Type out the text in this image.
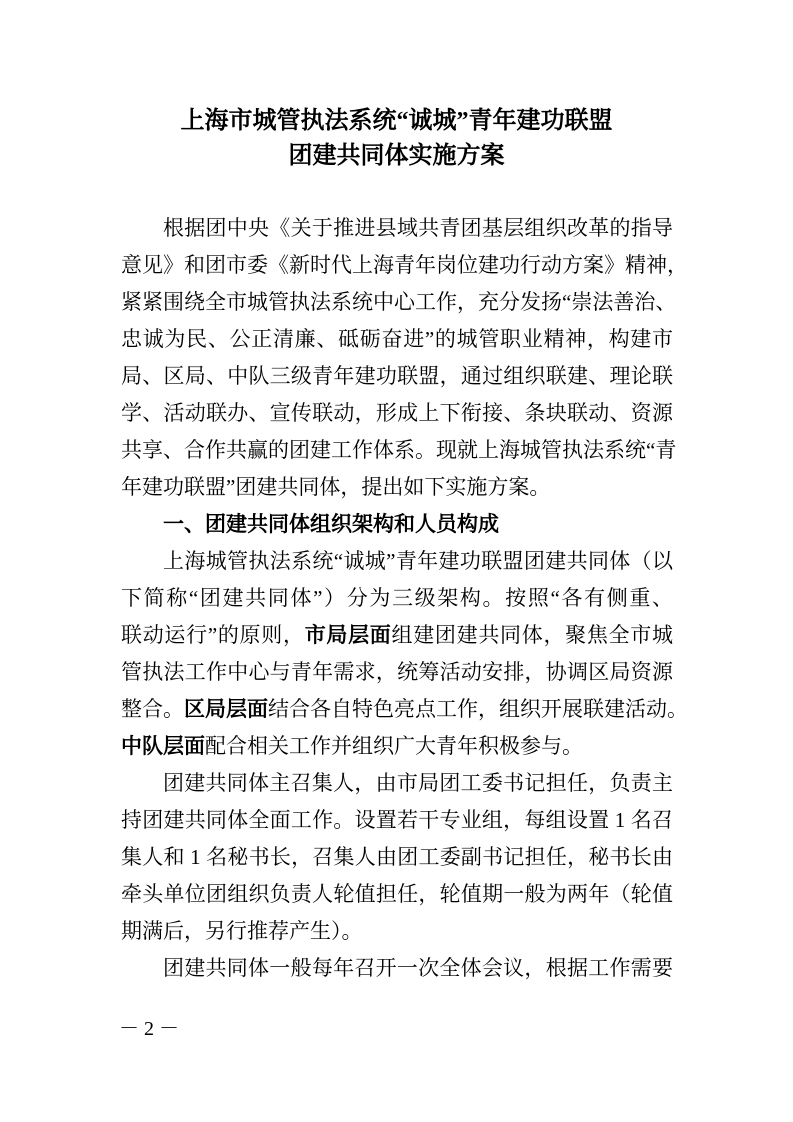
上海市城管执法系统“诚城”青年建功联盟
团建共同体实施方案
根据团中央《关于推进县域共青团基层组织改革的指导
意见》和团市委《新时代上海青年岗位建功行动方案》精神，
紧紧围绕全市城管执法系统中心工作，充分发扬“崇法善治、
忠诚为民、公正清廉、砥砺奋进”的城管职业精神，构建市
局、区局、中队三级青年建功联盟，通过组织联建、理论联
学、活动联办、宣传联动，形成上下衔接、条块联动、资源
共享、合作共赢的团建工作体系。现就上海城管执法系统“青
年建功联盟”团建共同体，提出如下实施方案。
一、团建共同体组织架构和人员构成
上海城管执法系统“诚城”青年建功联盟团建共同体（以
下简称“团建共同体”）分为三级架构。按照“各有侧重、
联动运行”的原则，市局层面组建团建共同体，聚焦全市城
管执法工作中心与青年需求，统筹活动安排，协调区局资源
整合。区局层面结合各自特色亮点工作，组织开展联建活动。
中队层面配合相关工作并组织广大青年积极参与。
团建共同体主召集人，由市局团工委书记担任，负责主
持团建共同体全面工作。设置若干专业组，每组设置 1 名召
集人和 1 名秘书长，召集人由团工委副书记担任，秘书长由
牵头单位团组织负责人轮值担任，轮值期一般为两年（轮值
期满后，另行推荐产生）。
团建共同体一般每年召开一次全体会议，根据工作需要
－ 2 －
